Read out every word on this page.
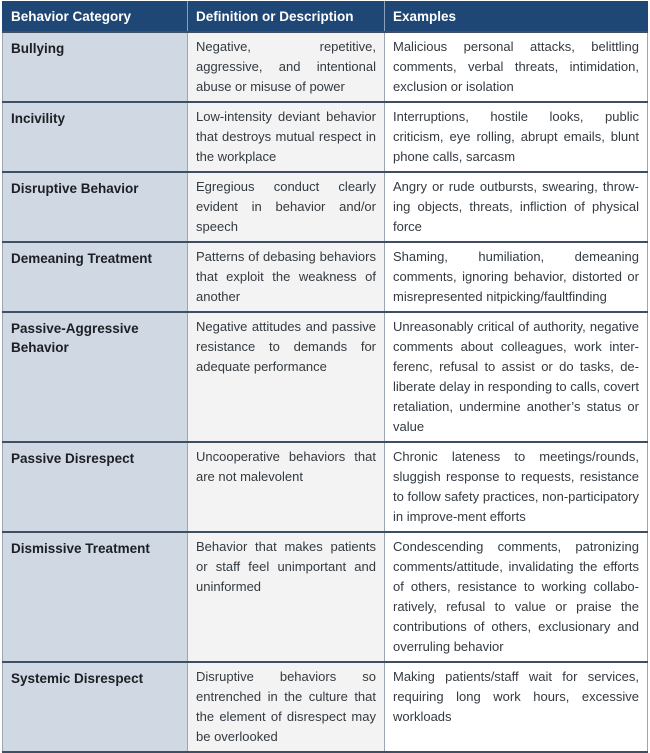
Behavior Category	Definition or Description	Examples
Bullying	Negative, repetitive, aggressive, and intentional abuse or misuse of power	Malicious personal attacks, belittling comments, verbal threats, intimidation, exclusion or isolation
Incivility	Low-intensity deviant behavior that destroys mutual respect in the workplace	Interruptions, hostile looks, public criticism, eye rolling, abrupt emails, blunt phone calls, sarcasm
Disruptive Behavior	Egregious conduct clearly evident in behavior and/or speech	Angry or rude outbursts, swearing, throw-ing objects, threats, infliction of physical force
Demeaning Treatment	Patterns of debasing behaviors that exploit the weakness of another	Shaming, humiliation, demeaning comments, ignoring behavior, distorted or misrepresented nitpicking/faultfinding
Passive-Aggressive Behavior	Negative attitudes and passive resistance to demands for adequate performance	Unreasonably critical of authority, negative comments about colleagues, work inter-ferenc, refusal to assist or do tasks, de-liberate delay in responding to calls, covert retaliation, undermine another’s status or value
Passive Disrespect	Uncooperative behaviors that are not malevolent	Chronic lateness to meetings/rounds, sluggish response to requests, resistance to follow safety practices, non-participatory in improve-ment efforts
Dismissive Treatment	Behavior that makes patients or staff feel unimportant and uninformed	Condescending comments, patronizing comments/attitude, invalidating the efforts of others, resistance to working collabo-ratively, refusal to value or praise the contributions of others, exclusionary and overruling behavior
Systemic Disrespect	Disruptive behaviors so entrenched in the culture that the element of disrespect may be overlooked	Making patients/staff wait for services, requiring long work hours, excessive workloads
